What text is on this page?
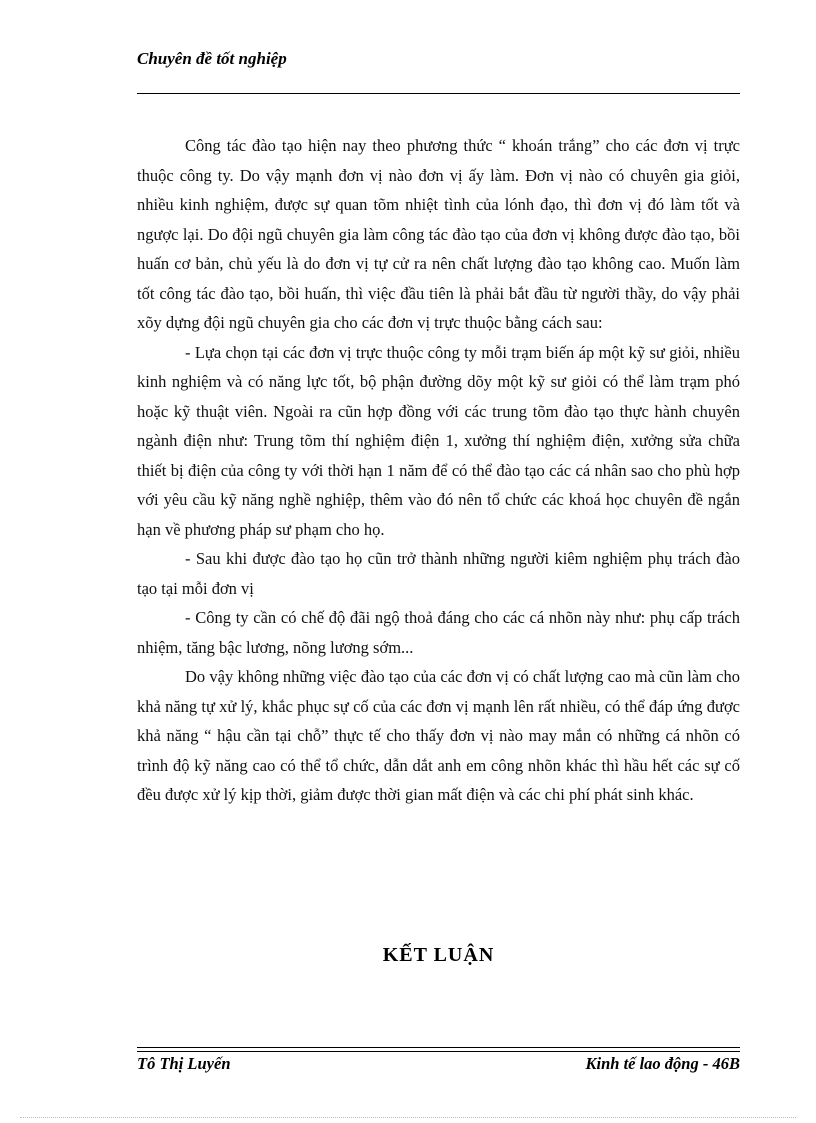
Chuyên đề tốt nghiệp

Công tác đào tạo hiện nay theo phương thức “ khoán trắng” cho các đơn vị trực thuộc công ty. Do vậy mạnh đơn vị nào đơn vị ấy làm. Đơn vị nào có chuyên gia giỏi, nhiều kinh nghiệm, được sự quan tõm nhiệt tình của lónh đạo, thì đơn vị đó làm tốt và ngược lại. Do đội ngũ chuyên gia làm công tác đào tạo của đơn vị không được đào tạo, bồi huấn cơ bản, chủ yếu là do đơn vị tự cử ra nên chất lượng đào tạo không cao. Muốn làm tốt công tác đào tạo, bồi huấn, thì việc đầu tiên là phải bắt đầu từ người thầy, do vậy phải xõy dựng đội ngũ chuyên gia cho các đơn vị trực thuộc bằng cách sau:

- Lựa chọn tại các đơn vị trực thuộc công ty mỗi trạm biến áp một kỹ sư giỏi, nhiều kinh nghiệm và có năng lực tốt, bộ phận đường dõy một kỹ sư giỏi có thể làm trạm phó hoặc kỹ thuật viên. Ngoài ra cũn hợp đồng với các trung tõm đào tạo thực hành chuyên ngành điện như: Trung tõm thí nghiệm điện 1, xưởng thí nghiệm điện, xưởng sửa chữa thiết bị điện của công ty với thời hạn 1 năm để có thể đào tạo các cá nhân sao cho phù hợp với yêu cầu kỹ năng nghề nghiệp, thêm vào đó nên tổ chức các khoá học chuyên đề ngắn hạn về phương pháp sư phạm cho họ.

- Sau khi được đào tạo họ cũn trở thành những người kiêm nghiệm phụ trách đào tạo tại mỗi đơn vị

- Công ty cần có chế độ đãi ngộ thoả đáng cho các cá nhõn này như: phụ cấp trách nhiệm, tăng bậc lương, nõng lương sớm...

Do vậy không những việc đào tạo của các đơn vị có chất lượng cao mà cũn làm cho khả năng tự xử lý, khắc phục sự cố của các đơn vị mạnh lên rất nhiều, có thể đáp ứng được khả năng “ hậu cần tại chỗ” thực tế cho thấy đơn vị nào may mắn có những cá nhõn có trình độ kỹ năng cao có thể tổ chức, dẫn dắt anh em công nhõn khác thì hầu hết các sự cố đều được xử lý kịp thời, giảm được thời gian mất điện và các chi phí phát sinh khác.

KẾT LUẬN
Tô Thị Luyến	Kinh tế lao động - 46B
